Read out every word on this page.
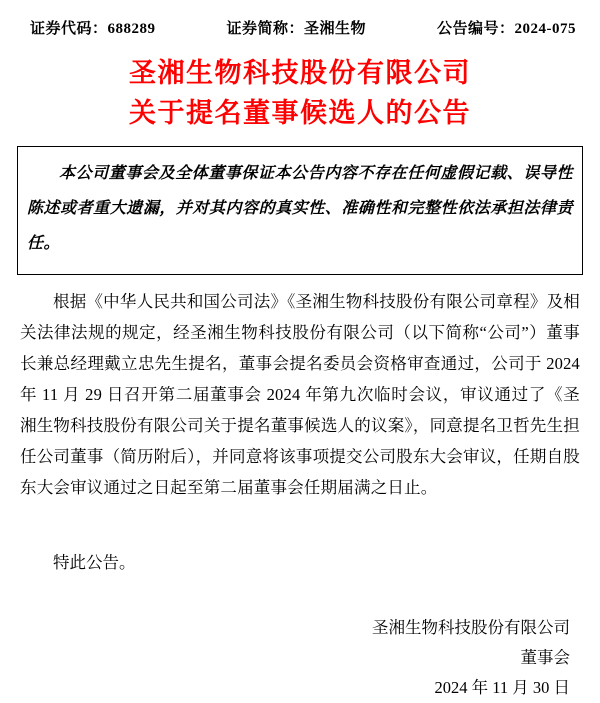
证券代码：688289	证券简称：圣湘生物	公告编号：2024-075
圣湘生物科技股份有限公司
关于提名董事候选人的公告

本公司董事会及全体董事保证本公告内容不存在任何虚假记载、误导性陈述或者重大遗漏，并对其内容的真实性、准确性和完整性依法承担法律责任。

根据《中华人民共和国公司法》《圣湘生物科技股份有限公司章程》及相关法律法规的规定，经圣湘生物科技股份有限公司（以下简称“公司”）董事长兼总经理戴立忠先生提名，董事会提名委员会资格审查通过，公司于 2024 年 11 月 29 日召开第二届董事会 2024 年第九次临时会议，审议通过了《圣湘生物科技股份有限公司关于提名董事候选人的议案》，同意提名卫哲先生担任公司董事（简历附后），并同意将该事项提交公司股东大会审议，任期自股东大会审议通过之日起至第二届董事会任期届满之日止。

特此公告。

圣湘生物科技股份有限公司
董事会
2024 年 11 月 30 日
